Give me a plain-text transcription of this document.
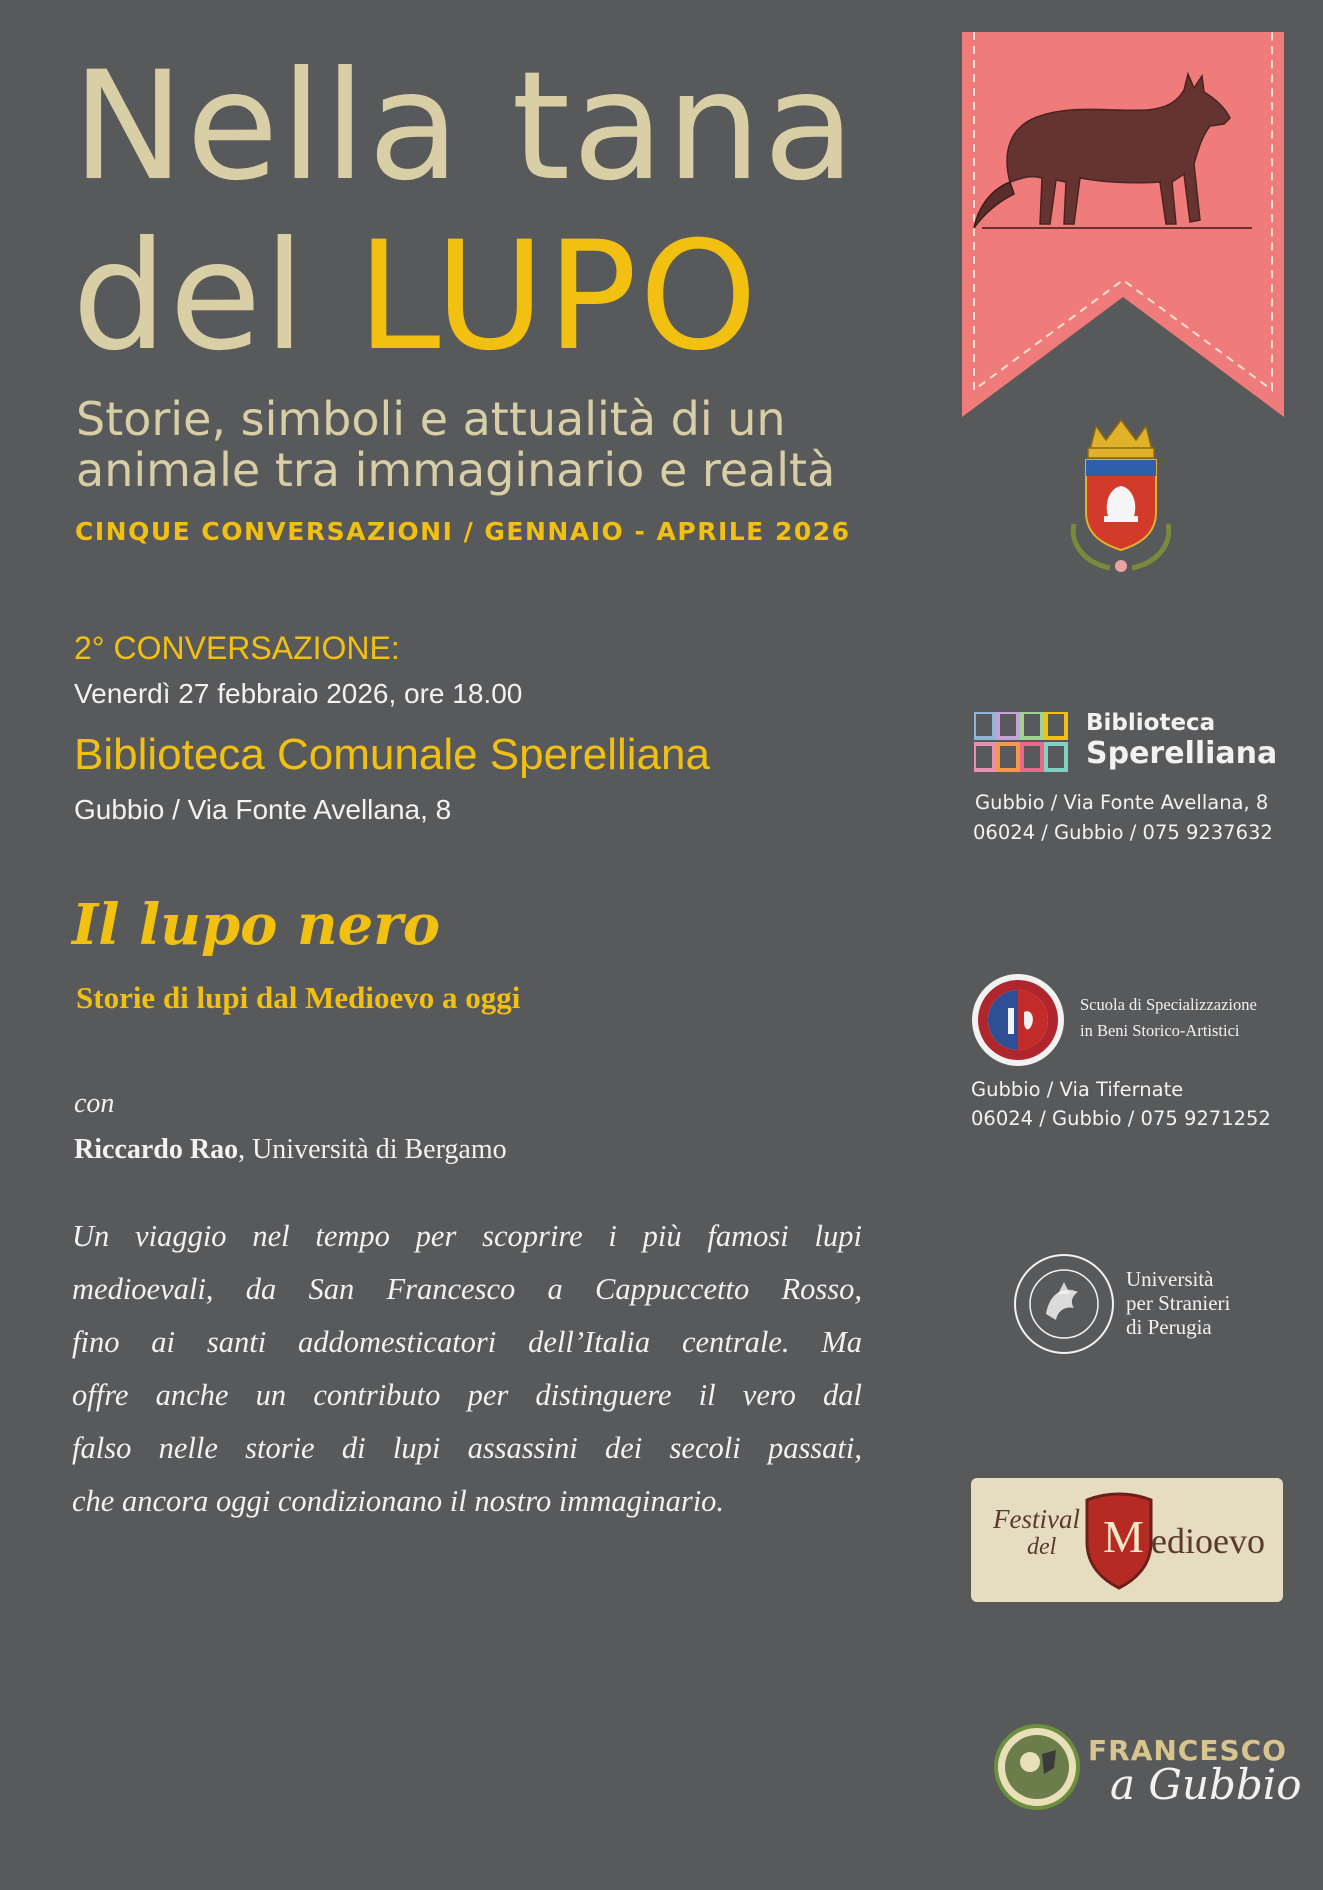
Nella tana
del LUPO
Storie, simboli e attualità di un
animale tra immaginario e realtà
CINQUE CONVERSAZIONI / GENNAIO - APRILE 2026
2° CONVERSAZIONE:
Venerdì 27 febbraio 2026, ore 18.00
Biblioteca Comunale Sperelliana
Gubbio / Via Fonte Avellana, 8
Il lupo nero
Storie di lupi dal Medioevo a oggi
con
Riccardo Rao, Università di Bergamo
Un viaggio nel tempo per scoprire i più famosi lupi
medioevali, da San Francesco a Cappuccetto Rosso,
fino ai santi addomesticatori dell’Italia centrale. Ma
offre anche un contributo per distinguere il vero dal
falso nelle storie di lupi assassini dei secoli passati,
che ancora oggi condizionano il nostro immaginario.
Biblioteca
Sperelliana
Gubbio / Via Fonte Avellana, 8
06024 / Gubbio / 075 9237632
Scuola di Specializzazione
in Beni Storico-Artistici
Gubbio / Via Tifernate
06024 / Gubbio / 075 9271252
Università
per Stranieri
di Perugia
Festival
del M edioevo
FRANCESCO
a Gubbio
